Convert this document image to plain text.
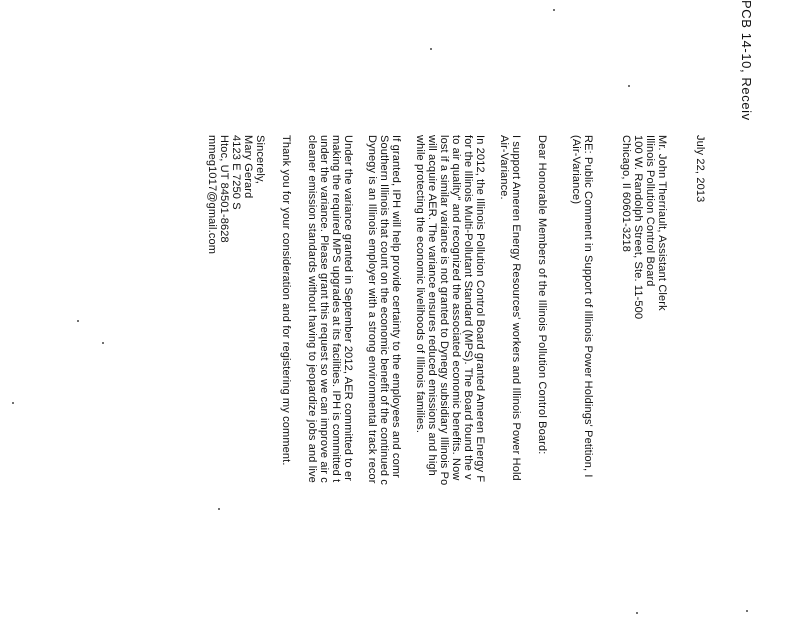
PCB 14-10, Receiv
July 22, 2013
Mr. John Therriault, Assistant Clerk
Illinois Pollution Control Board
100 W. Randolph Street, Ste. 11-500
Chicago, Il 60601-3218
RE: Public Comment in Support of Illinois Power Holdings' Petition, I
(Air-Variance)
Dear Honorable Members of the Illinois Pollution Control Board:
I support Ameren Energy Resources' workers and Illinois Power Hold
Air-Variance.
In 2012, the Illinois Pollution Control Board granted Ameren Energy F
for the Illinois Multi-Pollutant Standard (MPS). The Board found the v
to air quality" and recognized the associated economic benefits. Now
lost if a similar variance is not granted to Dynegy subsidiary Illinois Po
will acquire AER. The variance ensures reduced emissions and high
while protecting the economic livelihoods of Illinois families.
If granted, IPH will help provide certainty to the employees and comr
Southern Illinois that count on the economic benefit of the continued c
Dynegy is an Illinois employer with a strong environmental track recor
Under the variance granted in September 2012, AER committed to er
making the required MPS upgrades at its facilities. IPH is committed t
under the variance. Please grant this request so we can improve air c
cleaner emission standards without having to jeopardize jobs and live
Thank you for your consideration and for registering my comment.
Sincerely,
Mary Gerard
4123 E 7250 S
Htoc, UT 84501-8628
mmeg1017@gmail.com
